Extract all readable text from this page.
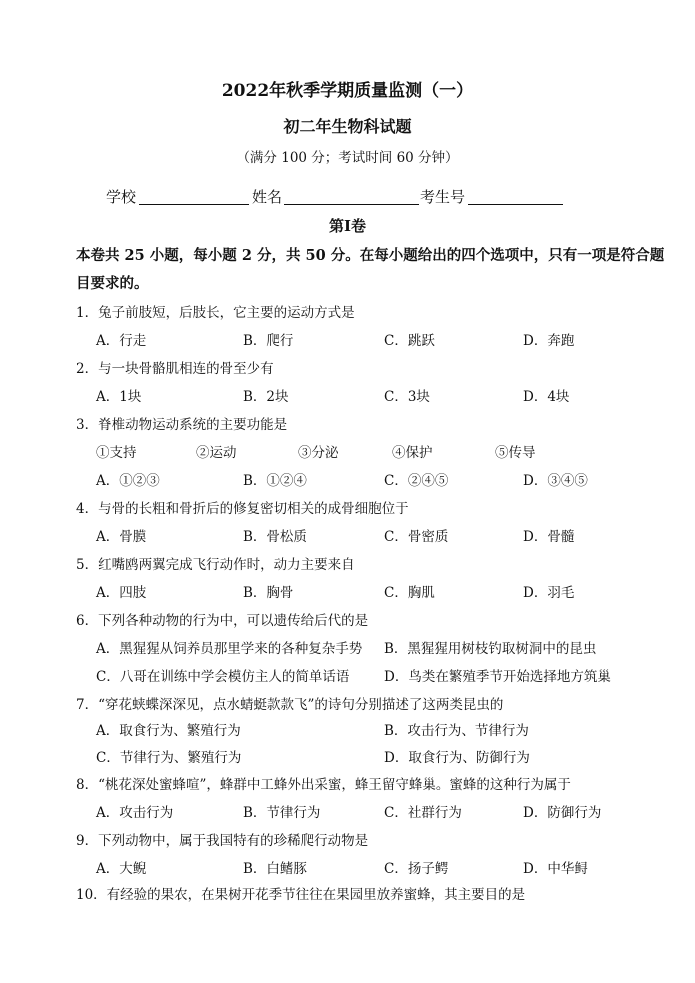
2022年秋季学期质量监测（一）
初二年生物科试题
（满分 100 分；考试时间 60 分钟）
学校	姓名	考生号
第Ⅰ卷
本卷共 25 小题，每小题 2 分，共 50 分。在每小题给出的四个选项中，只有一项是符合题
目要求的。
1．兔子前肢短，后肢长，它主要的运动方式是
A．行走	B．爬行	C．跳跃	D．奔跑
2．与一块骨骼肌相连的骨至少有
A．1块	B．2块	C．3块	D．4块
3．脊椎动物运动系统的主要功能是
①支持	②运动	③分泌	④保护	⑤传导
A．①②③	B．①②④	C．②④⑤	D．③④⑤
4．与骨的长粗和骨折后的修复密切相关的成骨细胞位于
A．骨膜	B．骨松质	C．骨密质	D．骨髓
5．红嘴鸥两翼完成飞行动作时，动力主要来自
A．四肢	B．胸骨	C．胸肌	D．羽毛
6．下列各种动物的行为中，可以遗传给后代的是
A．黑猩猩从饲养员那里学来的各种复杂手势 B．黑猩猩用树枝钓取树洞中的昆虫
C．八哥在训练中学会模仿主人的简单话语	D．鸟类在繁殖季节开始选择地方筑巢
7．“穿花蛱蝶深深见，点水蜻蜓款款飞”的诗句分别描述了这两类昆虫的
A．取食行为、繁殖行为	B．攻击行为、节律行为
C．节律行为、繁殖行为	D．取食行为、防御行为
8．“桃花深处蜜蜂喧”，蜂群中工蜂外出采蜜，蜂王留守蜂巢。蜜蜂的这种行为属于
A．攻击行为	B．节律行为	C．社群行为	D．防御行为
9．下列动物中，属于我国特有的珍稀爬行动物是
A．大鲵	B．白鳍豚	C．扬子鳄	D．中华鲟
10．有经验的果农，在果树开花季节往往在果园里放养蜜蜂，其主要目的是
